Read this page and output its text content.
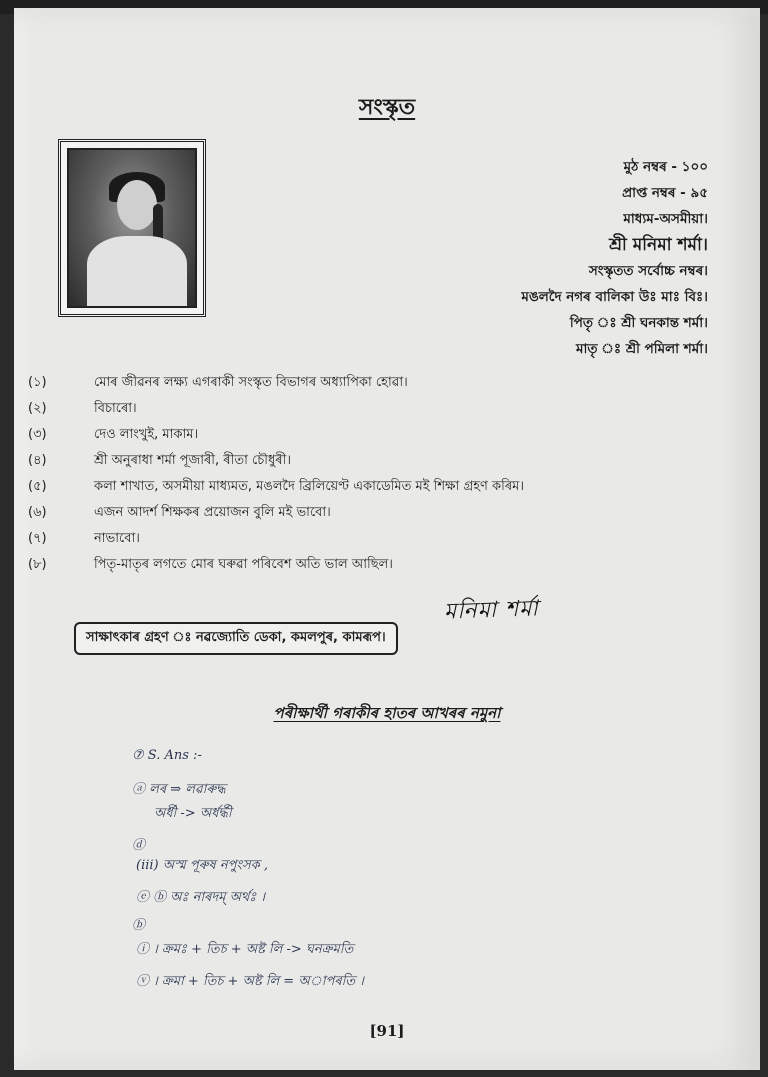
সংস্কৃত
মুঠ নম্বৰ - ১০০
প্ৰাপ্ত নম্বৰ - ৯৫
মাধ্যম-অসমীয়া।
শ্ৰী মনিমা শৰ্মা।
সংস্কৃতত সৰ্বোচ্চ নম্বৰ।
মঙলদৈ নগৰ বালিকা উঃ মাঃ বিঃ।
পিতৃ ঃ শ্ৰী ঘনকান্ত শৰ্মা।
মাতৃ ঃ শ্ৰী পমিলা শৰ্মা।
(১)	মোৰ জীৱনৰ লক্ষ্য এগৰাকী সংস্কৃত বিভাগৰ অধ্যাপিকা হোৱা।
(২)	বিচাৰো।
(৩)	দেও লাংখুই, মাকাম।
(৪)	শ্ৰী অনুৰাধা শৰ্মা পূজাৰী, ৰীতা চৌধুৰী।
(৫)	কলা শাখাত, অসমীয়া মাধ্যমত, মঙলদৈ ব্ৰিলিয়েণ্ট একাডেমিত মই শিক্ষা গ্ৰহণ কৰিম।
(৬)	এজন আদৰ্শ শিক্ষকৰ প্ৰয়োজন বুলি মই ভাবো।
(৭)	নাভাবো।
(৮)	পিতৃ-মাতৃৰ লগতে মোৰ ঘৰুৱা পৰিবেশ অতি ভাল আছিল।
মনিমা শৰ্মা
সাক্ষাৎকাৰ গ্ৰহণ ঃ নৱজ্যোতি ডেকা, কমলপুৰ, কামৰূপ।
পৰীক্ষাৰ্থী গৰাকীৰ হাতৰ আখৰৰ নমুনা
⑦ S. Ans :-
ⓐ লৰ ⇒ লৱাৰুদ্ধ
অৰ্ধী -> অৰ্ধৰ্দ্ধী
ⓓ
(iii) অস্ম পূৰুষ নপুংসক ,
ⓔ ⓑ অঃ নাৰদম্ অৰ্থঃ ।
ⓑ
ⓘ । ক্ৰমঃ + তিচ + অষ্ট লি -> ঘনক্ৰমতি
ⓥ । ক্ৰমা + তিচ + অষ্ট লি = অাপৰতি ।
[91]
